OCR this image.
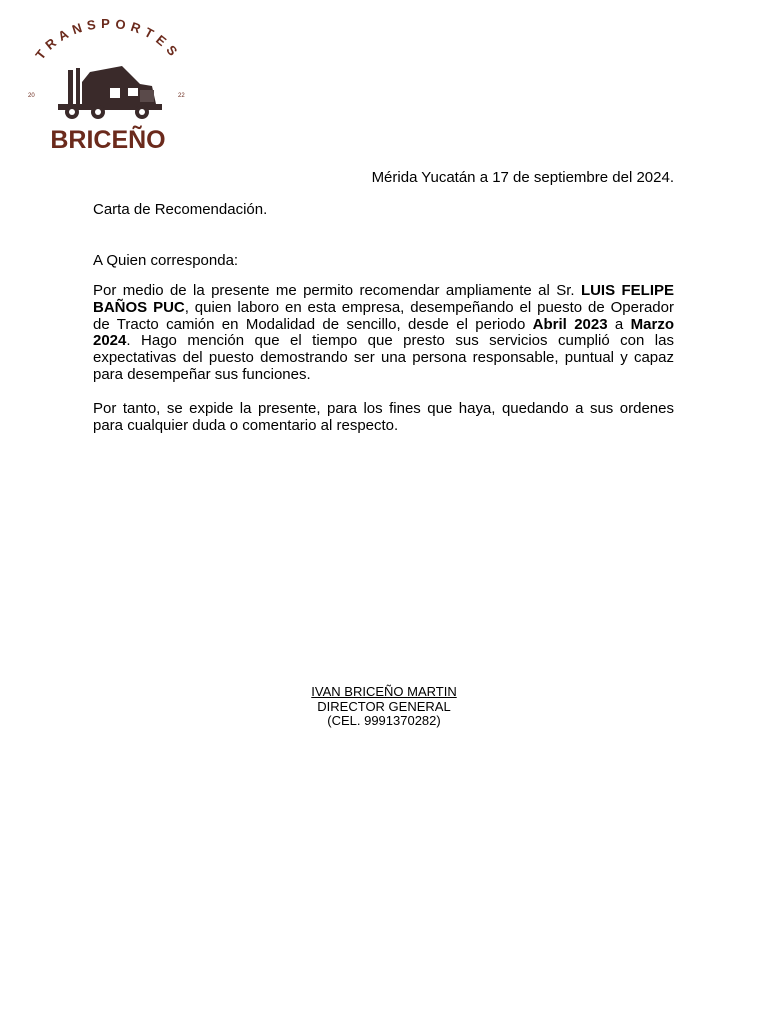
TRANSPORTES
20	22
BRICEÑO
Mérida Yucatán a 17 de septiembre del 2024.
Carta de Recomendación.
A Quien corresponda:

Por medio de la presente me permito recomendar ampliamente al Sr. LUIS FELIPE BAÑOS PUC, quien laboro en esta empresa, desempeñando el puesto de Operador de Tracto camión en Modalidad de sencillo, desde el periodo Abril 2023 a Marzo 2024. Hago mención que el tiempo que presto sus servicios cumplió con las expectativas del puesto demostrando ser una persona responsable, puntual y capaz para desempeñar sus funciones.

Por tanto, se expide la presente, para los fines que haya, quedando a sus ordenes para cualquier duda o comentario al respecto.

IVAN BRICEÑO MARTIN
DIRECTOR GENERAL
(CEL. 9991370282)
